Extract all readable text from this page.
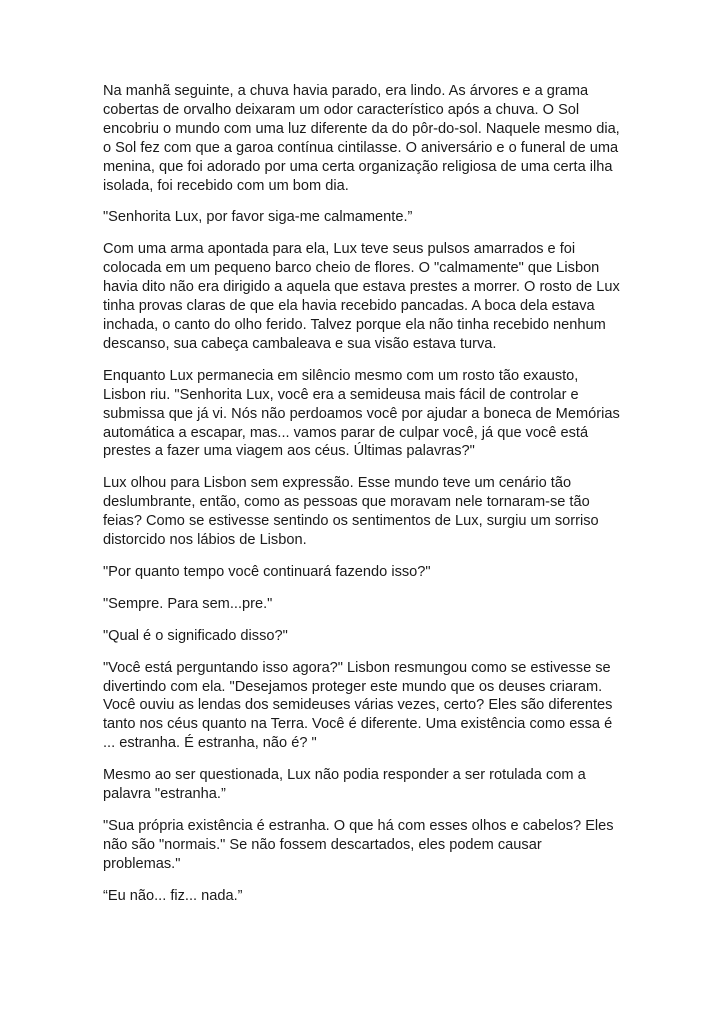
Na manhã seguinte, a chuva havia parado, era lindo. As árvores e a grama cobertas de orvalho deixaram um odor característico após a chuva. O Sol encobriu o mundo com uma luz diferente da do pôr-do-sol. Naquele mesmo dia, o Sol fez com que a garoa contínua cintilasse. O aniversário e o funeral de uma menina, que foi adorado por uma certa organização religiosa de uma certa ilha isolada, foi recebido com um bom dia.

"Senhorita Lux, por favor siga-me calmamente.”

Com uma arma apontada para ela, Lux teve seus pulsos amarrados e foi colocada em um pequeno barco cheio de flores. O "calmamente" que Lisbon havia dito não era dirigido a aquela que estava prestes a morrer. O rosto de Lux tinha provas claras de que ela havia recebido pancadas. A boca dela estava inchada, o canto do olho ferido. Talvez porque ela não tinha recebido nenhum descanso, sua cabeça cambaleava e sua visão estava turva.

Enquanto Lux permanecia em silêncio mesmo com um rosto tão exausto, Lisbon riu. "Senhorita Lux, você era a semideusa mais fácil de controlar e submissa que já vi. Nós não perdoamos você por ajudar a boneca de Memórias automática a escapar, mas... vamos parar de culpar você, já que você está prestes a fazer uma viagem aos céus. Últimas palavras?"

Lux olhou para Lisbon sem expressão. Esse mundo teve um cenário tão deslumbrante, então, como as pessoas que moravam nele tornaram-se tão feias? Como se estivesse sentindo os sentimentos de Lux, surgiu um sorriso distorcido nos lábios de Lisbon.

"Por quanto tempo você continuará fazendo isso?"

"Sempre. Para sem...pre."

"Qual é o significado disso?"

"Você está perguntando isso agora?" Lisbon resmungou como se estivesse se divertindo com ela. "Desejamos proteger este mundo que os deuses criaram. Você ouviu as lendas dos semideuses várias vezes, certo? Eles são diferentes tanto nos céus quanto na Terra. Você é diferente. Uma existência como essa é ... estranha. É estranha, não é? "

Mesmo ao ser questionada, Lux não podia responder a ser rotulada com a palavra "estranha.”

"Sua própria existência é estranha. O que há com esses olhos e cabelos? Eles não são "normais." Se não fossem descartados, eles podem causar problemas."

“Eu não... fiz... nada.”
